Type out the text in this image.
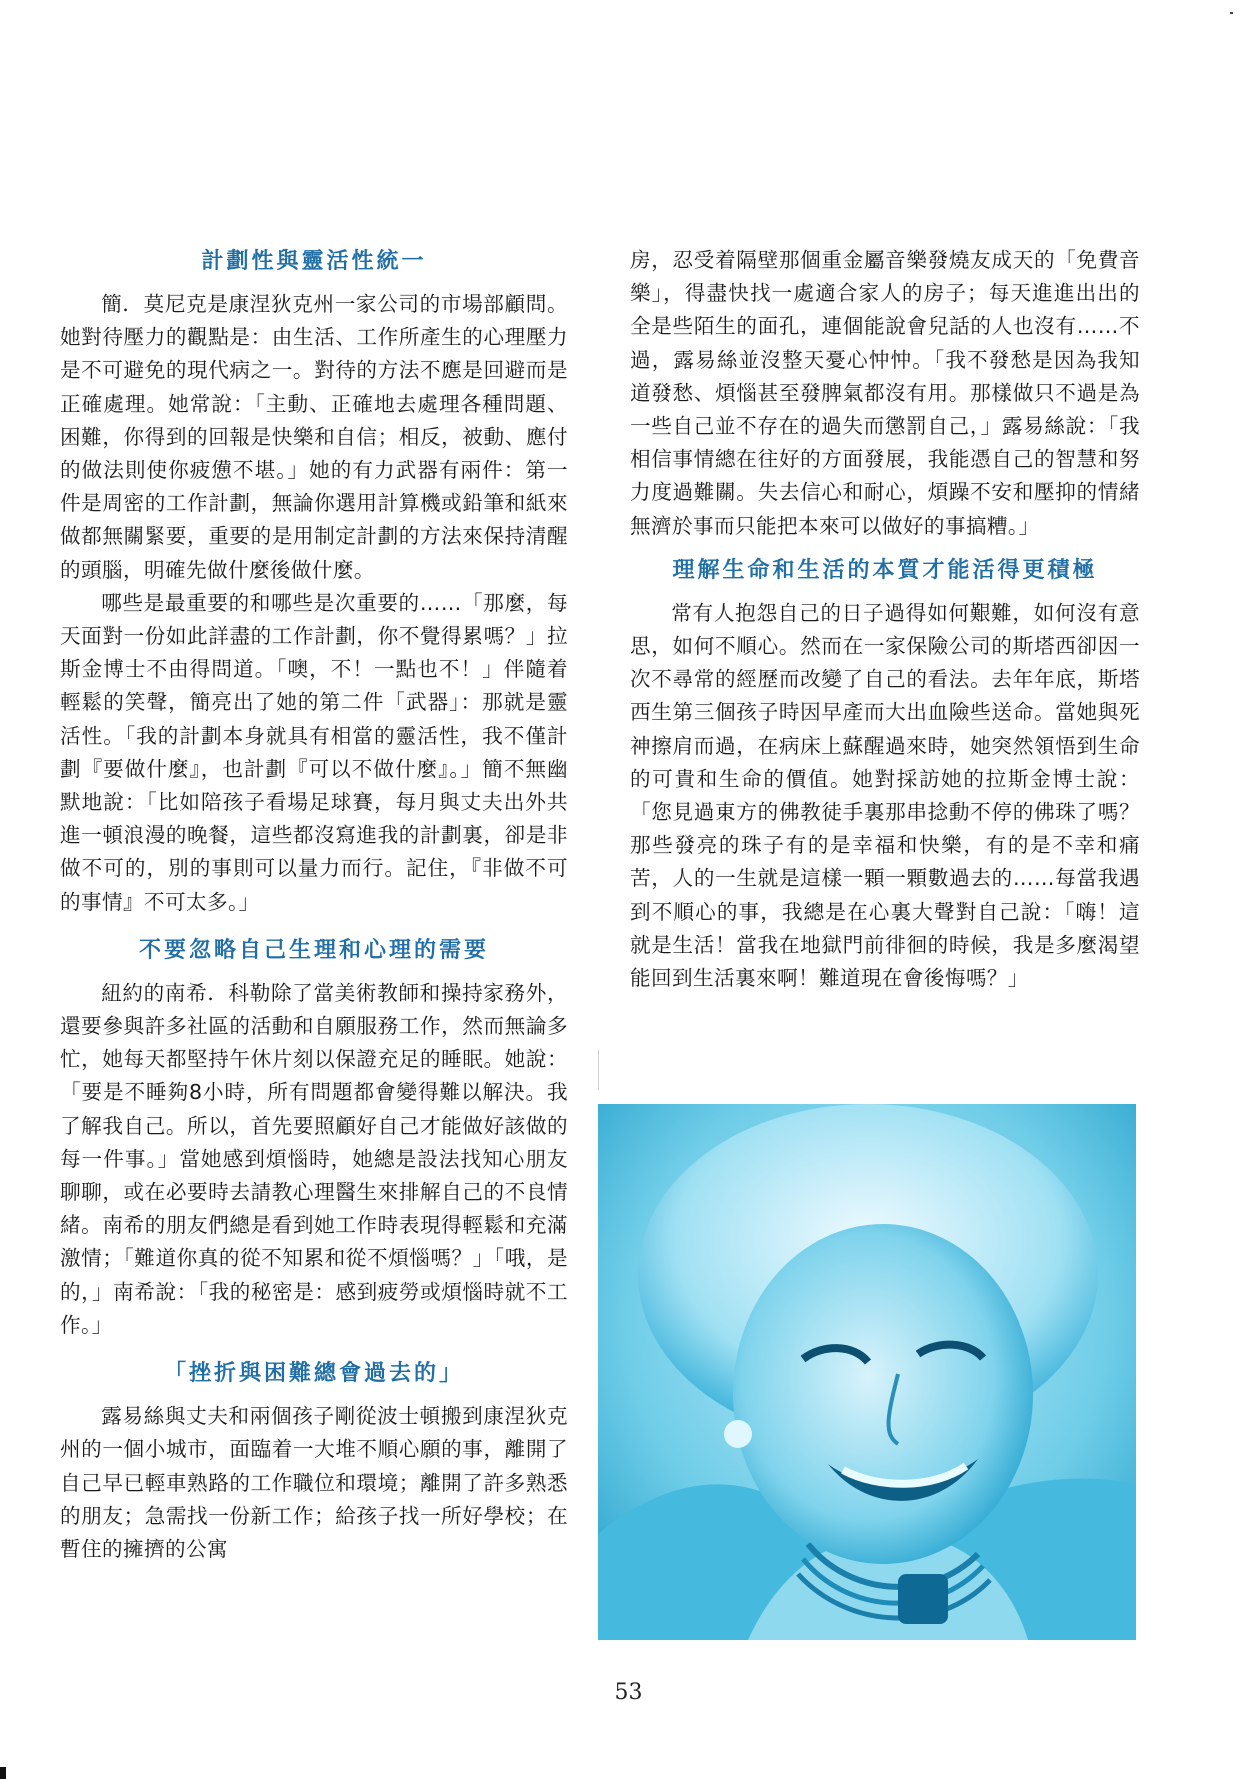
計劃性與靈活性統一

簡．莫尼克是康涅狄克州一家公司的市場部顧問。她對待壓力的觀點是：由生活、工作所產生的心理壓力是不可避免的現代病之一。對待的方法不應是回避而是正確處理。她常說：「主動、正確地去處理各種問題、困難，你得到的回報是快樂和自信；相反，被動、應付的做法則使你疲憊不堪。」她的有力武器有兩件：第一件是周密的工作計劃，無論你選用計算機或鉛筆和紙來做都無關緊要，重要的是用制定計劃的方法來保持清醒的頭腦，明確先做什麼後做什麼。

哪些是最重要的和哪些是次重要的……「那麼，每天面對一份如此詳盡的工作計劃，你不覺得累嗎？」拉斯金博士不由得問道。「噢，不！一點也不！」伴隨着輕鬆的笑聲，簡亮出了她的第二件「武器」：那就是靈活性。「我的計劃本身就具有相當的靈活性，我不僅計劃『要做什麼』，也計劃『可以不做什麼』。」簡不無幽默地說：「比如陪孩子看場足球賽，每月與丈夫出外共進一頓浪漫的晚餐，這些都沒寫進我的計劃裏，卻是非做不可的，別的事則可以量力而行。記住，『非做不可的事情』不可太多。」

不要忽略自己生理和心理的需要

紐約的南希．科勒除了當美術教師和操持家務外，還要參與許多社區的活動和自願服務工作，然而無論多忙，她每天都堅持午休片刻以保證充足的睡眠。她說：「要是不睡夠8小時，所有問題都會變得難以解決。我了解我自己。所以，首先要照顧好自己才能做好該做的每一件事。」當她感到煩惱時，她總是設法找知心朋友聊聊，或在必要時去請教心理醫生來排解自己的不良情緒。南希的朋友們總是看到她工作時表現得輕鬆和充滿激情；「難道你真的從不知累和從不煩惱嗎？」「哦，是的，」南希說：「我的秘密是：感到疲勞或煩惱時就不工作。」

「挫折與困難總會過去的」

露易絲與丈夫和兩個孩子剛從波士頓搬到康涅狄克州的一個小城市，面臨着一大堆不順心願的事，離開了自己早已輕車熟路的工作職位和環境；離開了許多熟悉的朋友；急需找一份新工作；給孩子找一所好學校；在暫住的擁擠的公寓

房，忍受着隔壁那個重金屬音樂發燒友成天的「免費音樂」，得盡快找一處適合家人的房子；每天進進出出的全是些陌生的面孔，連個能說會兒話的人也沒有……不過，露易絲並沒整天憂心忡忡。「我不發愁是因為我知道發愁、煩惱甚至發脾氣都沒有用。那樣做只不過是為一些自己並不存在的過失而懲罰自己，」露易絲說：「我相信事情總在往好的方面發展，我能憑自己的智慧和努力度過難關。失去信心和耐心，煩躁不安和壓抑的情緒無濟於事而只能把本來可以做好的事搞糟。」

理解生命和生活的本質才能活得更積極

常有人抱怨自己的日子過得如何艱難，如何沒有意思，如何不順心。然而在一家保險公司的斯塔西卻因一次不尋常的經歷而改變了自己的看法。去年年底，斯塔西生第三個孩子時因早產而大出血險些送命。當她與死神擦肩而過，在病床上蘇醒過來時，她突然領悟到生命的可貴和生命的價值。她對採訪她的拉斯金博士說：「您見過東方的佛教徒手裏那串捻動不停的佛珠了嗎？那些發亮的珠子有的是幸福和快樂，有的是不幸和痛苦，人的一生就是這樣一顆一顆數過去的……每當我遇到不順心的事，我總是在心裏大聲對自己說：「嗨！這就是生活！當我在地獄門前徘徊的時候，我是多麼渴望能回到生活裏來啊！難道現在會後悔嗎？」

53
